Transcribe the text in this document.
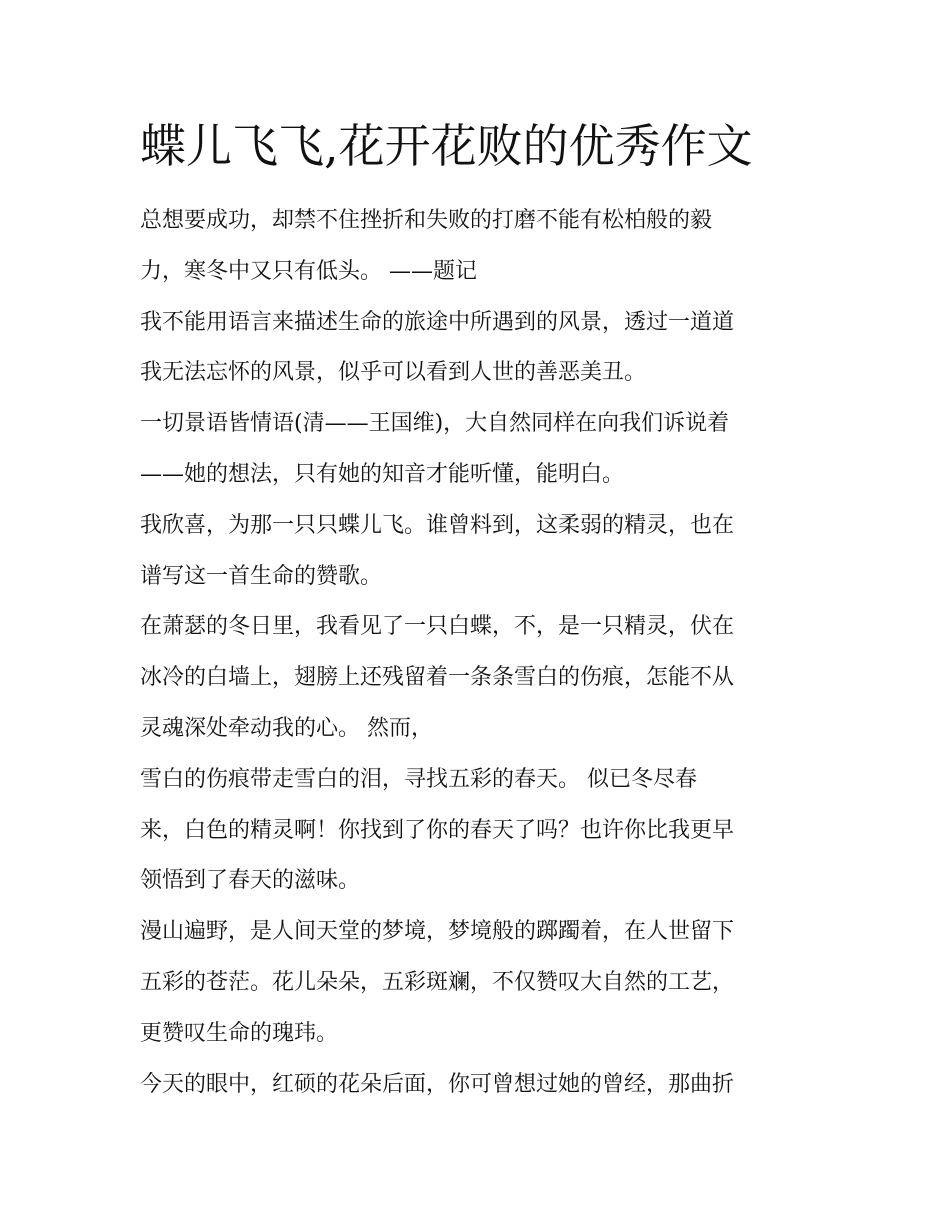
蝶儿飞飞,花开花败的优秀作文

总想要成功，却禁不住挫折和失败的打磨不能有松柏般的毅

力，寒冬中又只有低头。 ——题记

我不能用语言来描述生命的旅途中所遇到的风景，透过一道道

我无法忘怀的风景，似乎可以看到人世的善恶美丑。

一切景语皆情语(清——王国维)，大自然同样在向我们诉说着

——她的想法，只有她的知音才能听懂，能明白。

我欣喜，为那一只只蝶儿飞。谁曾料到，这柔弱的精灵，也在

谱写这一首生命的赞歌。

在萧瑟的冬日里，我看见了一只白蝶，不，是一只精灵，伏在

冰冷的白墙上，翅膀上还残留着一条条雪白的伤痕，怎能不从

灵魂深处牵动我的心。 然而，

雪白的伤痕带走雪白的泪，寻找五彩的春天。 似已冬尽春

来，白色的精灵啊！你找到了你的春天了吗？也许你比我更早

领悟到了春天的滋味。

漫山遍野，是人间天堂的梦境，梦境般的踯躅着，在人世留下

五彩的苍茫。花儿朵朵，五彩斑斓，不仅赞叹大自然的工艺，

更赞叹生命的瑰玮。

今天的眼中，红硕的花朵后面，你可曾想过她的曾经，那曲折
